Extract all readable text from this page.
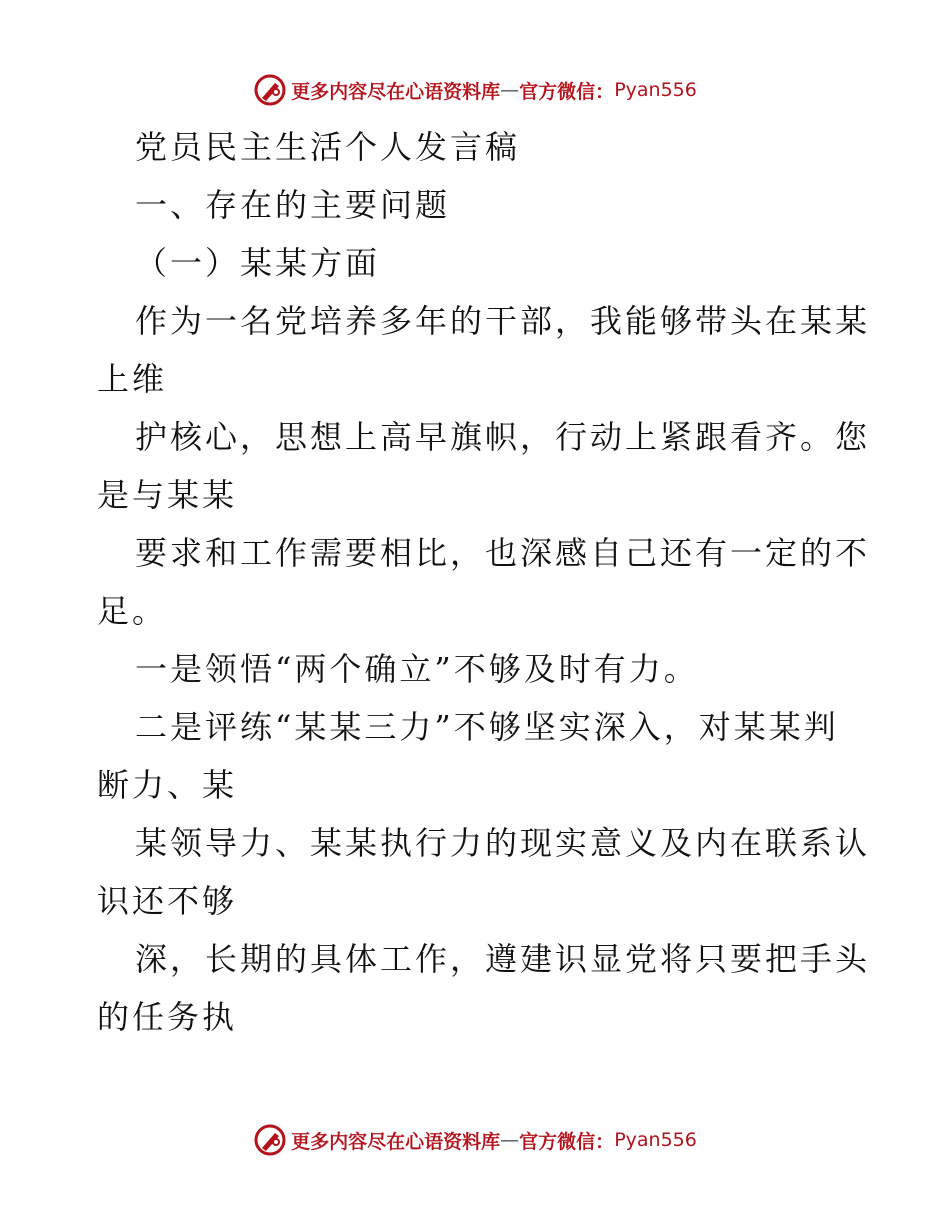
更多内容尽在心语资料库 — 官方微信： Pyan556
党员民主生活个人发言稿
一、存在的主要问题
（一）某某方面
作为一名党培养多年的干部，我能够带头在某某
上维
护核心，思想上高早旗帜，行动上紧跟看齐。您
是与某某
要求和工作需要相比，也深感自己还有一定的不
足。
一是领悟“两个确立”不够及时有力。
二是评练“某某三力”不够坚实深入，对某某判
断力、某
某领导力、某某执行力的现实意义及内在联系认
识还不够
深，长期的具体工作，遵建识显党将只要把手头
的任务执
更多内容尽在心语资料库 — 官方微信： Pyan556
